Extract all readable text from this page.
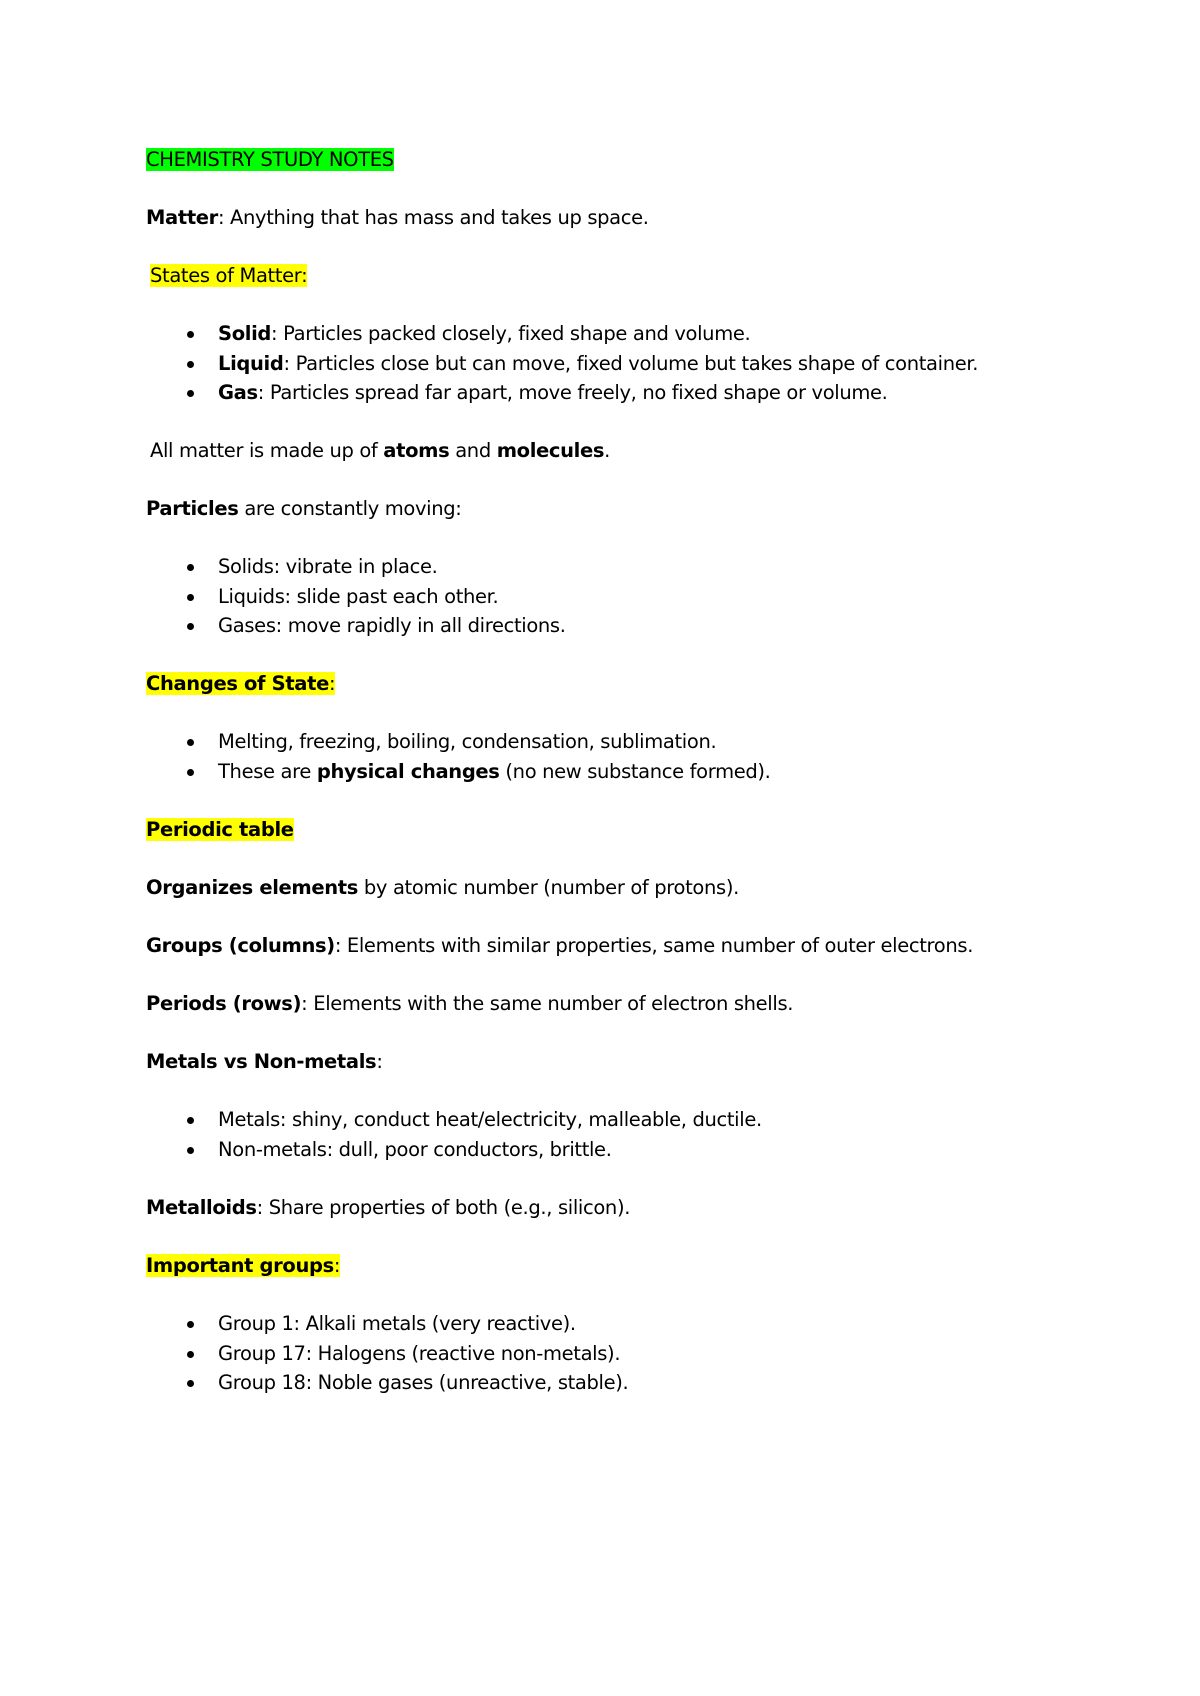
CHEMISTRY STUDY NOTES
Matter: Anything that has mass and takes up space.
States of Matter:
Solid: Particles packed closely, fixed shape and volume.
Liquid: Particles close but can move, fixed volume but takes shape of container.
Gas: Particles spread far apart, move freely, no fixed shape or volume.
All matter is made up of atoms and molecules.
Particles are constantly moving:
Solids: vibrate in place.
Liquids: slide past each other.
Gases: move rapidly in all directions.
Changes of State:
Melting, freezing, boiling, condensation, sublimation.
These are physical changes (no new substance formed).
Periodic table
Organizes elements by atomic number (number of protons).
Groups (columns): Elements with similar properties, same number of outer electrons.
Periods (rows): Elements with the same number of electron shells.
Metals vs Non-metals:
Metals: shiny, conduct heat/electricity, malleable, ductile.
Non-metals: dull, poor conductors, brittle.
Metalloids: Share properties of both (e.g., silicon).
Important groups:
Group 1: Alkali metals (very reactive).
Group 17: Halogens (reactive non-metals).
Group 18: Noble gases (unreactive, stable).
